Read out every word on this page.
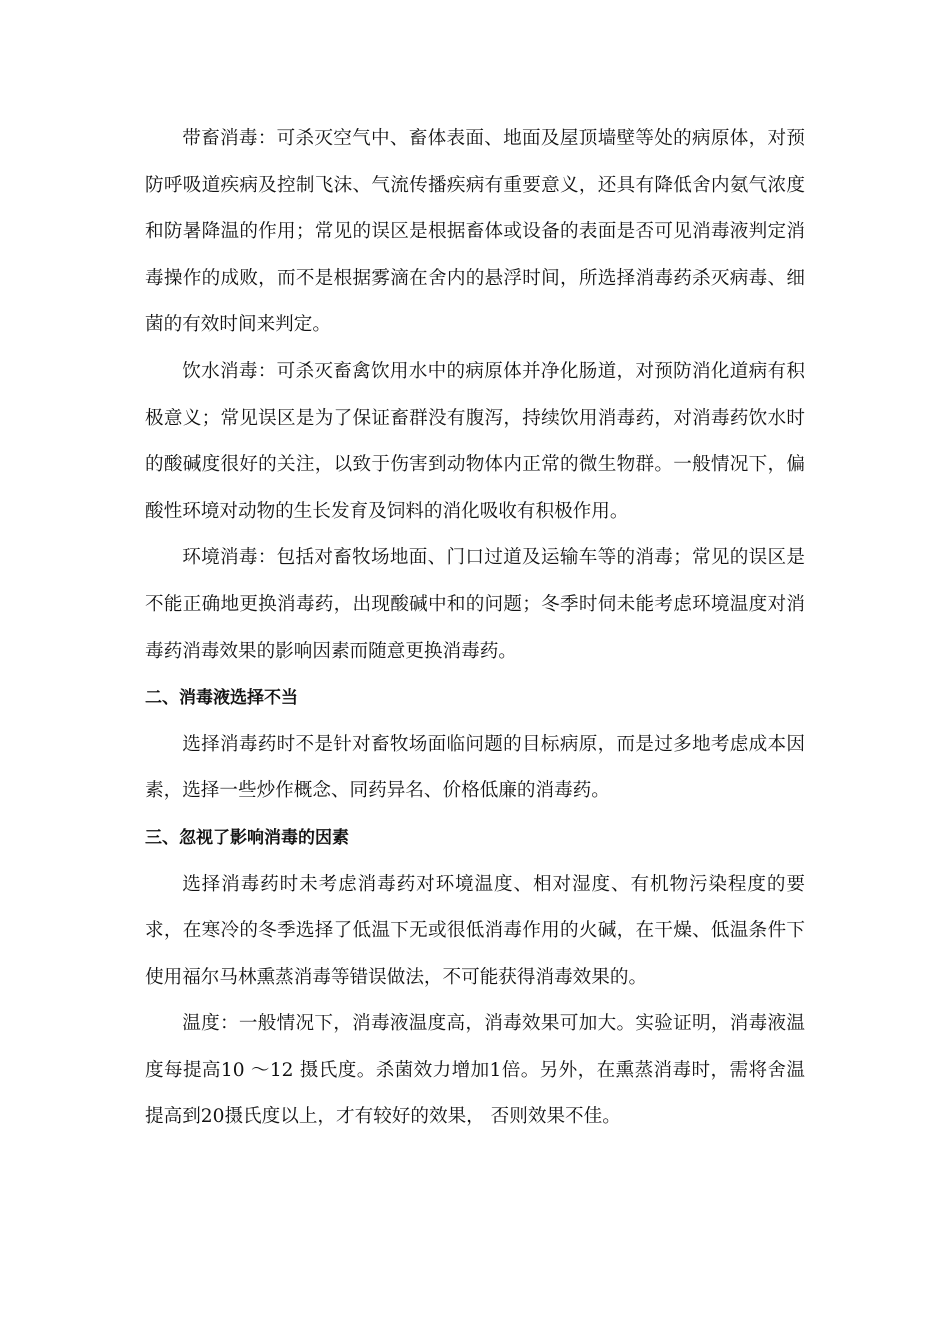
带畜消毒：可杀灭空气中、畜体表面、地面及屋顶墙壁等处的病原体，对预防呼吸道疾病及控制飞沫、气流传播疾病有重要意义，还具有降低舍内氨气浓度和防暑降温的作用；常见的误区是根据畜体或设备的表面是否可见消毒液判定消毒操作的成败，而不是根据雾滴在舍内的悬浮时间，所选择消毒药杀灭病毒、细菌的有效时间来判定。

饮水消毒：可杀灭畜禽饮用水中的病原体并净化肠道，对预防消化道病有积极意义；常见误区是为了保证畜群没有腹泻，持续饮用消毒药，对消毒药饮水时的酸碱度很好的关注，以致于伤害到动物体内正常的微生物群。一般情况下，偏酸性环境对动物的生长发育及饲料的消化吸收有积极作用。

环境消毒：包括对畜牧场地面、门口过道及运输车等的消毒；常见的误区是不能正确地更换消毒药，出现酸碱中和的问题；冬季时伺未能考虑环境温度对消毒药消毒效果的影响因素而随意更换消毒药。

二、消毒液选择不当

选择消毒药时不是针对畜牧场面临问题的目标病原，而是过多地考虑成本因素，选择一些炒作概念、同药异名、价格低廉的消毒药。

三、忽视了影响消毒的因素

选择消毒药时未考虑消毒药对环境温度、相对湿度、有机物污染程度的要求，在寒冷的冬季选择了低温下无或很低消毒作用的火碱，在干燥、低温条件下使用福尔马林熏蒸消毒等错误做法，不可能获得消毒效果的。

温度：一般情况下，消毒液温度高，消毒效果可加大。实验证明，消毒液温度每提高10 ～12 摄氏度。杀菌效力增加1倍。另外，在熏蒸消毒时，需将舍温提高到20摄氏度以上，才有较好的效果， 否则效果不佳。
